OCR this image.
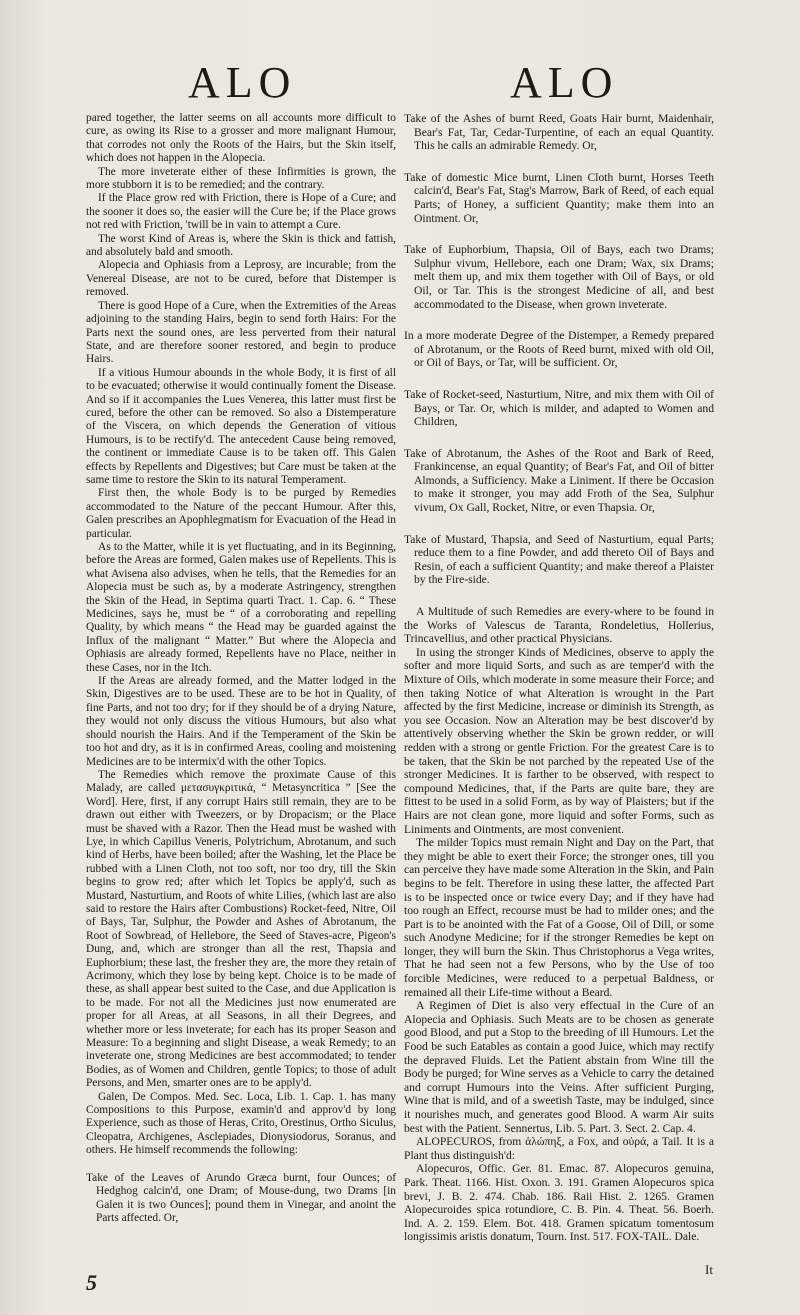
ALO	ALO

pared together, the latter seems on all accounts more difficult to cure, as owing its Rise to a grosser and more malignant Humour, that corrodes not only the Roots of the Hairs, but the Skin itself, which does not happen in the Alopecia.

The more inveterate either of these Infirmities is grown, the more stubborn it is to be remedied; and the contrary.

If the Place grow red with Friction, there is Hope of a Cure; and the sooner it does so, the easier will the Cure be; if the Place grows not red with Friction, 'twill be in vain to attempt a Cure.

The worst Kind of Areas is, where the Skin is thick and fattish, and absolutely bald and smooth.

Alopecia and Ophiasis from a Leprosy, are incurable; from the Venereal Disease, are not to be cured, before that Distemper is removed.

There is good Hope of a Cure, when the Extremities of the Areas adjoining to the standing Hairs, begin to send forth Hairs: For the Parts next the sound ones, are less perverted from their natural State, and are therefore sooner restored, and begin to produce Hairs.

If a vitious Humour abounds in the whole Body, it is first of all to be evacuated; otherwise it would continually foment the Disease. And so if it accompanies the Lues Venerea, this latter must first be cured, before the other can be removed. So also a Distemperature of the Viscera, on which depends the Generation of vitious Humours, is to be rectify'd. The antecedent Cause being removed, the continent or immediate Cause is to be taken off. This Galen effects by Repellents and Digestives; but Care must be taken at the same time to restore the Skin to its natural Temperament.

First then, the whole Body is to be purged by Remedies accommodated to the Nature of the peccant Humour. After this, Galen prescribes an Apophlegmatism for Evacuation of the Head in particular.

As to the Matter, while it is yet fluctuating, and in its Beginning, before the Areas are formed, Galen makes use of Repellents. This is what Avisena also advises, when he tells, that the Remedies for an Alopecia must be such as, by a moderate Astringency, strengthen the Skin of the Head, in Septima quarti Tract. 1. Cap. 6. “ These Medicines, says he, must be “ of a corroborating and repelling Quality, by which means “ the Head may be guarded against the Influx of the malignant “ Matter.” But where the Alopecia and Ophiasis are already formed, Repellents have no Place, neither in these Cases, nor in the Itch.

If the Areas are already formed, and the Matter lodged in the Skin, Digestives are to be used. These are to be hot in Quality, of fine Parts, and not too dry; for if they should be of a drying Nature, they would not only discuss the vitious Humours, but also what should nourish the Hairs. And if the Temperament of the Skin be too hot and dry, as it is in confirmed Areas, cooling and moistening Medicines are to be intermix'd with the other Topics.

The Remedies which remove the proximate Cause of this Malady, are called μετασυγκριτικά, “ Metasyncritica ” [See the Word]. Here, first, if any corrupt Hairs still remain, they are to be drawn out either with Tweezers, or by Dropacism; or the Place must be shaved with a Razor. Then the Head must be washed with Lye, in which Capillus Veneris, Polytrichum, Abrotanum, and such kind of Herbs, have been boiled; after the Washing, let the Place be rubbed with a Linen Cloth, not too soft, nor too dry, till the Skin begins to grow red; after which let Topics be apply'd, such as Mustard, Nasturtium, and Roots of white Lilies, (which last are also said to restore the Hairs after Combustions) Rocket-feed, Nitre, Oil of Bays, Tar, Sulphur, the Powder and Ashes of Abrotanum, the Root of Sowbread, of Hellebore, the Seed of Staves-acre, Pigeon's Dung, and, which are stronger than all the rest, Thapsia and Euphorbium; these last, the fresher they are, the more they retain of Acrimony, which they lose by being kept. Choice is to be made of these, as shall appear best suited to the Case, and due Application is to be made. For not all the Medicines just now enumerated are proper for all Areas, at all Seasons, in all their Degrees, and whether more or less inveterate; for each has its proper Season and Measure: To a beginning and slight Disease, a weak Remedy; to an inveterate one, strong Medicines are best accommodated; to tender Bodies, as of Women and Children, gentle Topics; to those of adult Persons, and Men, smarter ones are to be apply'd.

Galen, De Compos. Med. Sec. Loca, Lib. 1. Cap. 1. has many Compositions to this Purpose, examin'd and approv'd by long Experience, such as those of Heras, Crito, Orestinus, Ortho Siculus, Cleopatra, Archigenes, Asclepiades, Dionysiodorus, Soranus, and others. He himself recommends the following:

Take of the Leaves of Arundo Græca burnt, four Ounces; of Hedghog calcin'd, one Dram; of Mouse-dung, two Drams [in Galen it is two Ounces]; pound them in Vinegar, and anoint the Parts affected. Or,

Take of the Ashes of burnt Reed, Goats Hair burnt, Maidenhair, Bear's Fat, Tar, Cedar-Turpentine, of each an equal Quantity. This he calls an admirable Remedy. Or,

Take of domestic Mice burnt, Linen Cloth burnt, Horses Teeth calcin'd, Bear's Fat, Stag's Marrow, Bark of Reed, of each equal Parts; of Honey, a sufficient Quantity; make them into an Ointment. Or,

Take of Euphorbium, Thapsia, Oil of Bays, each two Drams; Sulphur vivum, Hellebore, each one Dram; Wax, six Drams; melt them up, and mix them together with Oil of Bays, or old Oil, or Tar. This is the strongest Medicine of all, and best accommodated to the Disease, when grown inveterate.

In a more moderate Degree of the Distemper, a Remedy prepared of Abrotanum, or the Roots of Reed burnt, mixed with old Oil, or Oil of Bays, or Tar, will be sufficient. Or,

Take of Rocket-seed, Nasturtium, Nitre, and mix them with Oil of Bays, or Tar. Or, which is milder, and adapted to Women and Children,

Take of Abrotanum, the Ashes of the Root and Bark of Reed, Frankincense, an equal Quantity; of Bear's Fat, and Oil of bitter Almonds, a Sufficiency. Make a Liniment. If there be Occasion to make it stronger, you may add Froth of the Sea, Sulphur vivum, Ox Gall, Rocket, Nitre, or even Thapsia. Or,

Take of Mustard, Thapsia, and Seed of Nasturtium, equal Parts; reduce them to a fine Powder, and add thereto Oil of Bays and Resin, of each a sufficient Quantity; and make thereof a Plaister by the Fire-side.

A Multitude of such Remedies are every-where to be found in the Works of Valescus de Taranta, Rondeletius, Hollerius, Trincavellius, and other practical Physicians.

In using the stronger Kinds of Medicines, observe to apply the softer and more liquid Sorts, and such as are temper'd with the Mixture of Oils, which moderate in some measure their Force; and then taking Notice of what Alteration is wrought in the Part affected by the first Medicine, increase or diminish its Strength, as you see Occasion. Now an Alteration may be best discover'd by attentively observing whether the Skin be grown redder, or will redden with a strong or gentle Friction. For the greatest Care is to be taken, that the Skin be not parched by the repeated Use of the stronger Medicines. It is farther to be observed, with respect to compound Medicines, that, if the Parts are quite bare, they are fittest to be used in a solid Form, as by way of Plaisters; but if the Hairs are not clean gone, more liquid and softer Forms, such as Liniments and Ointments, are most convenient.

The milder Topics must remain Night and Day on the Part, that they might be able to exert their Force; the stronger ones, till you can perceive they have made some Alteration in the Skin, and Pain begins to be felt. Therefore in using these latter, the affected Part is to be inspected once or twice every Day; and if they have had too rough an Effect, recourse must be had to milder ones; and the Part is to be anointed with the Fat of a Goose, Oil of Dill, or some such Anodyne Medicine; for if the stronger Remedies be kept on longer, they will burn the Skin. Thus Christophorus a Vega writes, That he had seen not a few Persons, who by the Use of too forcible Medicines, were reduced to a perpetual Baldness, or remained all their Life-time without a Beard.

A Regimen of Diet is also very effectual in the Cure of an Alopecia and Ophiasis. Such Meats are to be chosen as generate good Blood, and put a Stop to the breeding of ill Humours. Let the Food be such Eatables as contain a good Juice, which may rectify the depraved Fluids. Let the Patient abstain from Wine till the Body be purged; for Wine serves as a Vehicle to carry the detained and corrupt Humours into the Veins. After sufficient Purging, Wine that is mild, and of a sweetish Taste, may be indulged, since it nourishes much, and generates good Blood. A warm Air suits best with the Patient. Sennertus, Lib. 5. Part. 3. Sect. 2. Cap. 4.

ALOPECUROS, from ἀλώπηξ, a Fox, and οὐρά, a Tail. It is a Plant thus distinguish'd:

Alopecuros, Offic. Ger. 81. Emac. 87. Alopecuros genuina, Park. Theat. 1166. Hist. Oxon. 3. 191. Gramen Alopecuros spica brevi, J. B. 2. 474. Chab. 186. Raii Hist. 2. 1265. Gramen Alopecuroides spica rotundiore, C. B. Pin. 4. Theat. 56. Boerh. Ind. A. 2. 159. Elem. Bot. 418. Gramen spicatum tomentosum longissimis aristis donatum, Tourn. Inst. 517. FOX-TAIL. Dale.

5
It
